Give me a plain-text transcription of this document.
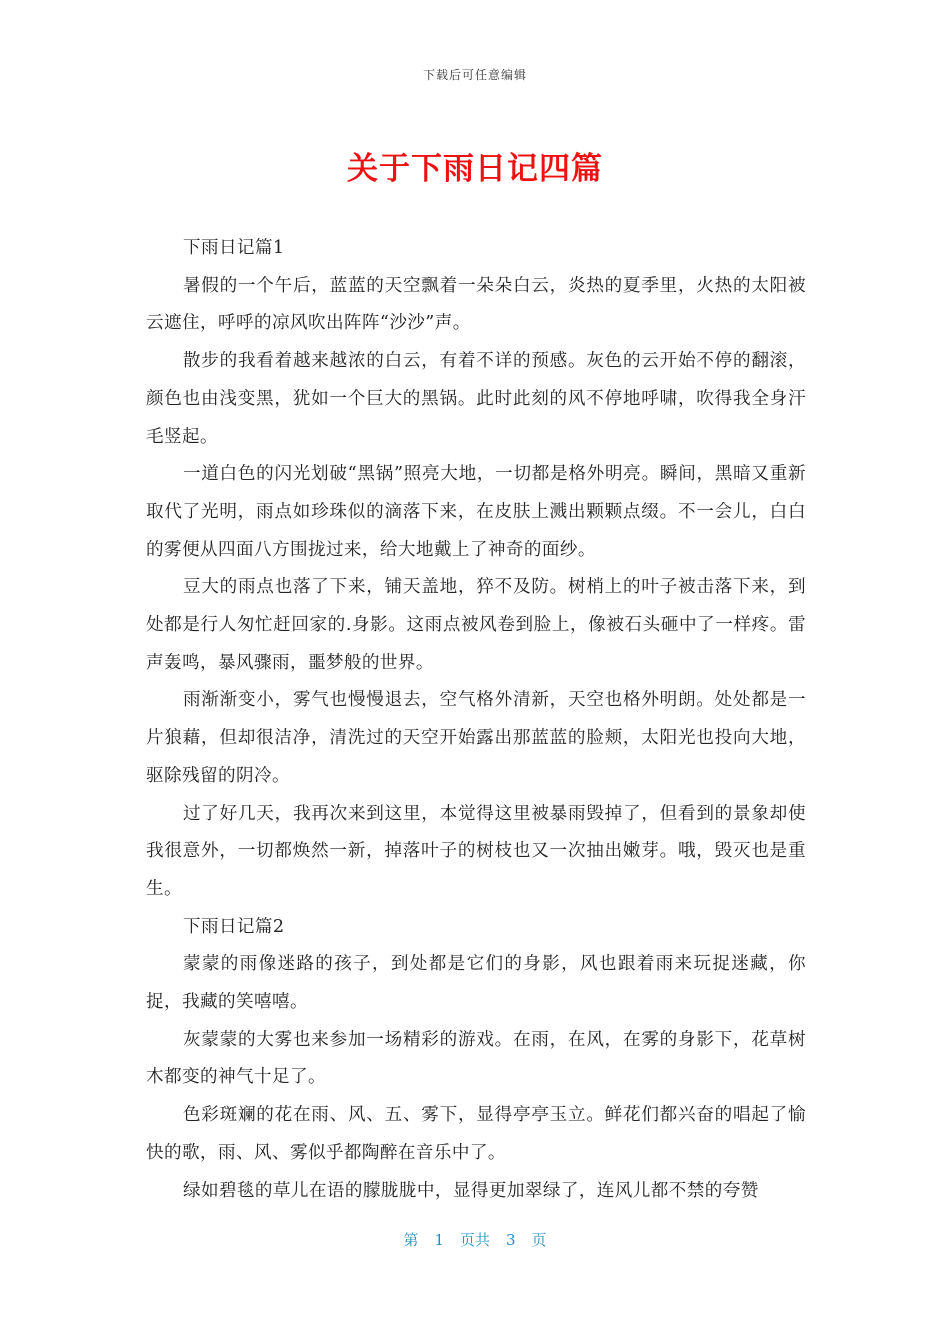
下载后可任意编辑
关于下雨日记四篇

下雨日记篇1

暑假的一个午后，蓝蓝的天空飘着一朵朵白云，炎热的夏季里，火热的太阳被云遮住，呼呼的凉风吹出阵阵“沙沙”声。

散步的我看着越来越浓的白云，有着不详的预感。灰色的云开始不停的翻滚，颜色也由浅变黑，犹如一个巨大的黑锅。此时此刻的风不停地呼啸，吹得我全身汗毛竖起。

一道白色的闪光划破“黑锅”照亮大地，一切都是格外明亮。瞬间，黑暗又重新取代了光明，雨点如珍珠似的滴落下来，在皮肤上溅出颗颗点缀。不一会儿，白白的雾便从四面八方围拢过来，给大地戴上了神奇的面纱。

豆大的雨点也落了下来，铺天盖地，猝不及防。树梢上的叶子被击落下来，到处都是行人匆忙赶回家的.身影。这雨点被风卷到脸上，像被石头砸中了一样疼。雷声轰鸣，暴风骤雨，噩梦般的世界。

雨渐渐变小，雾气也慢慢退去，空气格外清新，天空也格外明朗。处处都是一片狼藉，但却很洁净，清洗过的天空开始露出那蓝蓝的脸颊，太阳光也投向大地，驱除残留的阴冷。

过了好几天，我再次来到这里，本觉得这里被暴雨毁掉了，但看到的景象却使我很意外，一切都焕然一新，掉落叶子的树枝也又一次抽出嫩芽。哦，毁灭也是重生。

下雨日记篇2

蒙蒙的雨像迷路的孩子，到处都是它们的身影，风也跟着雨来玩捉迷藏，你捉，我藏的笑嘻嘻。

灰蒙蒙的大雾也来参加一场精彩的游戏。在雨，在风，在雾的身影下，花草树木都变的神气十足了。

色彩斑斓的花在雨、风、五、雾下，显得亭亭玉立。鲜花们都兴奋的唱起了愉快的歌，雨、风、雾似乎都陶醉在音乐中了。

绿如碧毯的草儿在语的朦胧胧中，显得更加翠绿了，连风儿都不禁的夸赞

第 1 页共 3 页
